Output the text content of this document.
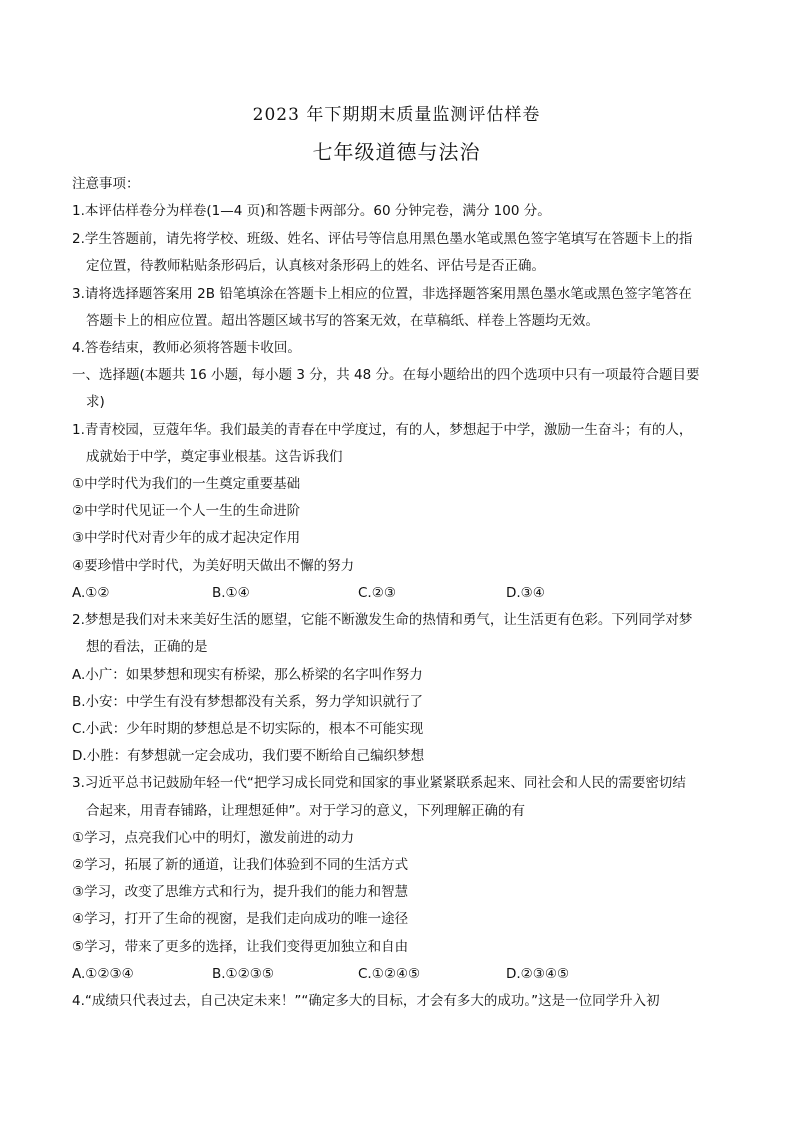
2023 年下期期末质量监测评估样卷
七年级道德与法治
注意事项：
1.本评估样卷分为样卷(1—4 页)和答题卡两部分。60 分钟完卷，满分 100 分。
2.学生答题前，请先将学校、班级、姓名、评估号等信息用黑色墨水笔或黑色签字笔填写在答题卡上的指
定位置，待教师粘贴条形码后，认真核对条形码上的姓名、评估号是否正确。
3.请将选择题答案用 2B 铅笔填涂在答题卡上相应的位置，非选择题答案用黑色墨水笔或黑色签字笔答在
答题卡上的相应位置。超出答题区域书写的答案无效，在草稿纸、样卷上答题均无效。
4.答卷结束，教师必须将答题卡收回。
一、选择题(本题共 16 小题，每小题 3 分，共 48 分。在每小题给出的四个选项中只有一项最符合题目要
求)
1.青青校园，豆蔻年华。我们最美的青春在中学度过，有的人，梦想起于中学，激励一生奋斗；有的人，
成就始于中学，奠定事业根基。这告诉我们
①中学时代为我们的一生奠定重要基础
②中学时代见证一个人一生的生命进阶
③中学时代对青少年的成才起决定作用
④要珍惜中学时代，为美好明天做出不懈的努力
A.①②	B.①④	C.②③	D.③④
2.梦想是我们对未来美好生活的愿望，它能不断激发生命的热情和勇气，让生活更有色彩。下列同学对梦
想的看法，正确的是
A.小广：如果梦想和现实有桥梁，那么桥梁的名字叫作努力
B.小安：中学生有没有梦想都没有关系，努力学知识就行了
C.小武：少年时期的梦想总是不切实际的，根本不可能实现
D.小胜：有梦想就一定会成功，我们要不断给自己编织梦想
3.习近平总书记鼓励年轻一代“把学习成长同党和国家的事业紧紧联系起来、同社会和人民的需要密切结
合起来，用青春铺路，让理想延伸”。对于学习的意义，下列理解正确的有
①学习，点亮我们心中的明灯，激发前进的动力
②学习，拓展了新的通道，让我们体验到不同的生活方式
③学习，改变了思维方式和行为，提升我们的能力和智慧
④学习，打开了生命的视窗，是我们走向成功的唯一途径
⑤学习，带来了更多的选择，让我们变得更加独立和自由
A.①②③④	B.①②③⑤	C.①②④⑤	D.②③④⑤
4.“成绩只代表过去，自己决定未来！”“确定多大的目标，才会有多大的成功。”这是一位同学升入初
